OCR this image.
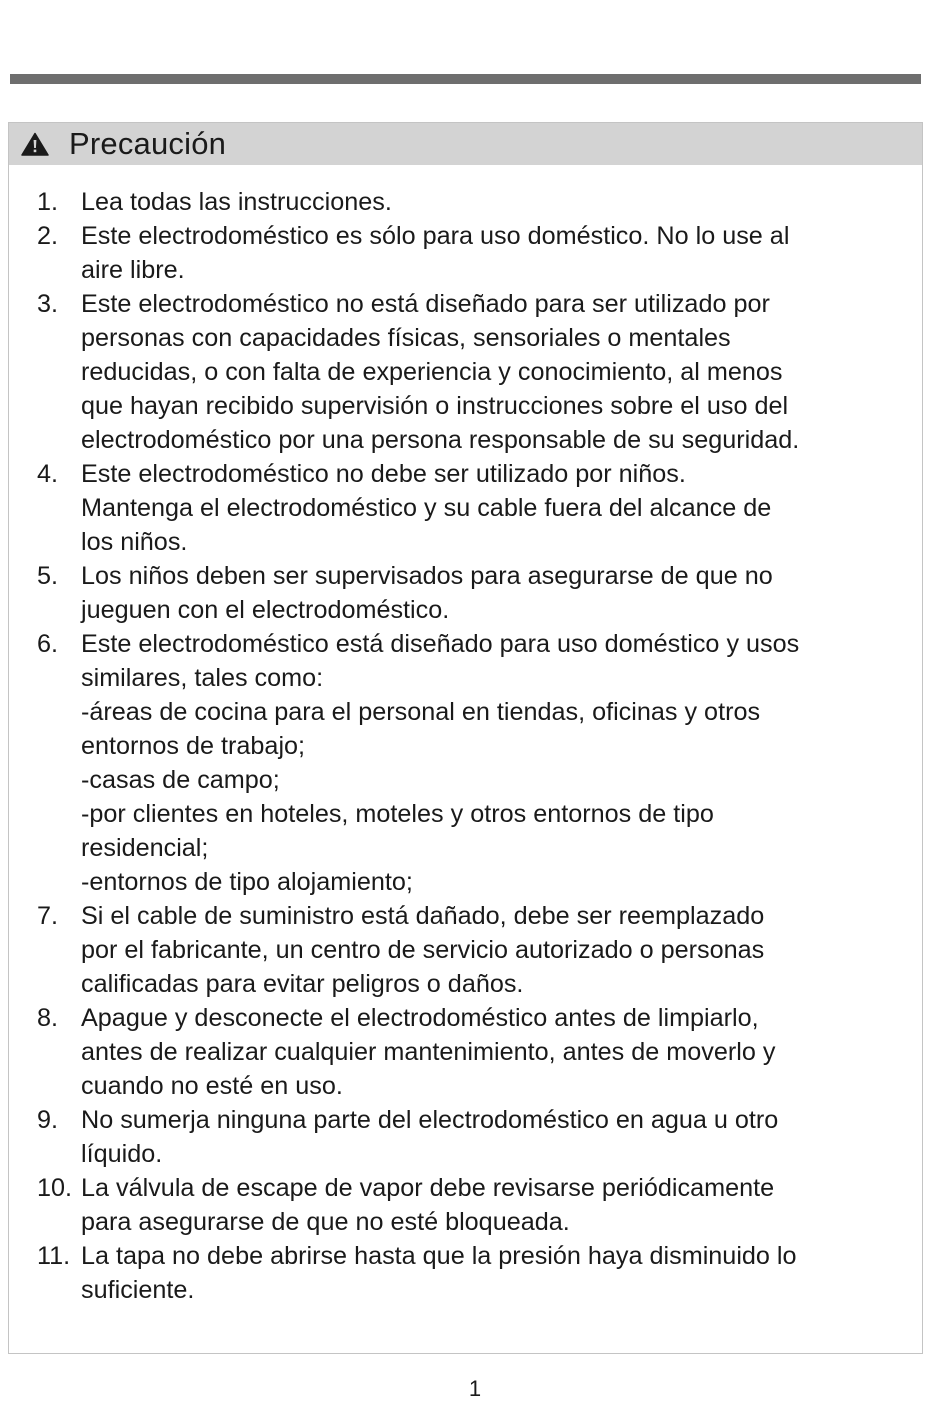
Precaución
1. Lea todas las instrucciones.
2. Este electrodoméstico es sólo para uso doméstico. No lo use al
aire libre.
3. Este electrodoméstico no está diseñado para ser utilizado por
personas con capacidades físicas, sensoriales o mentales
reducidas, o con falta de experiencia y conocimiento, al menos
que hayan recibido supervisión o instrucciones sobre el uso del
electrodoméstico por una persona responsable de su seguridad.
4. Este electrodoméstico no debe ser utilizado por niños.
Mantenga el electrodoméstico y su cable fuera del alcance de
los niños.
5. Los niños deben ser supervisados para asegurarse de que no
jueguen con el electrodoméstico.
6. Este electrodoméstico está diseñado para uso doméstico y usos
similares, tales como:
-áreas de cocina para el personal en tiendas, oficinas y otros
entornos de trabajo;
-casas de campo;
-por clientes en hoteles, moteles y otros entornos de tipo
residencial;
-entornos de tipo alojamiento;
7. Si el cable de suministro está dañado, debe ser reemplazado
por el fabricante, un centro de servicio autorizado o personas
calificadas para evitar peligros o daños.
8. Apague y desconecte el electrodoméstico antes de limpiarlo,
antes de realizar cualquier mantenimiento, antes de moverlo y
cuando no esté en uso.
9. No sumerja ninguna parte del electrodoméstico en agua u otro
líquido.
10. La válvula de escape de vapor debe revisarse periódicamente
para asegurarse de que no esté bloqueada.
11. La tapa no debe abrirse hasta que la presión haya disminuido lo
suficiente.
1
